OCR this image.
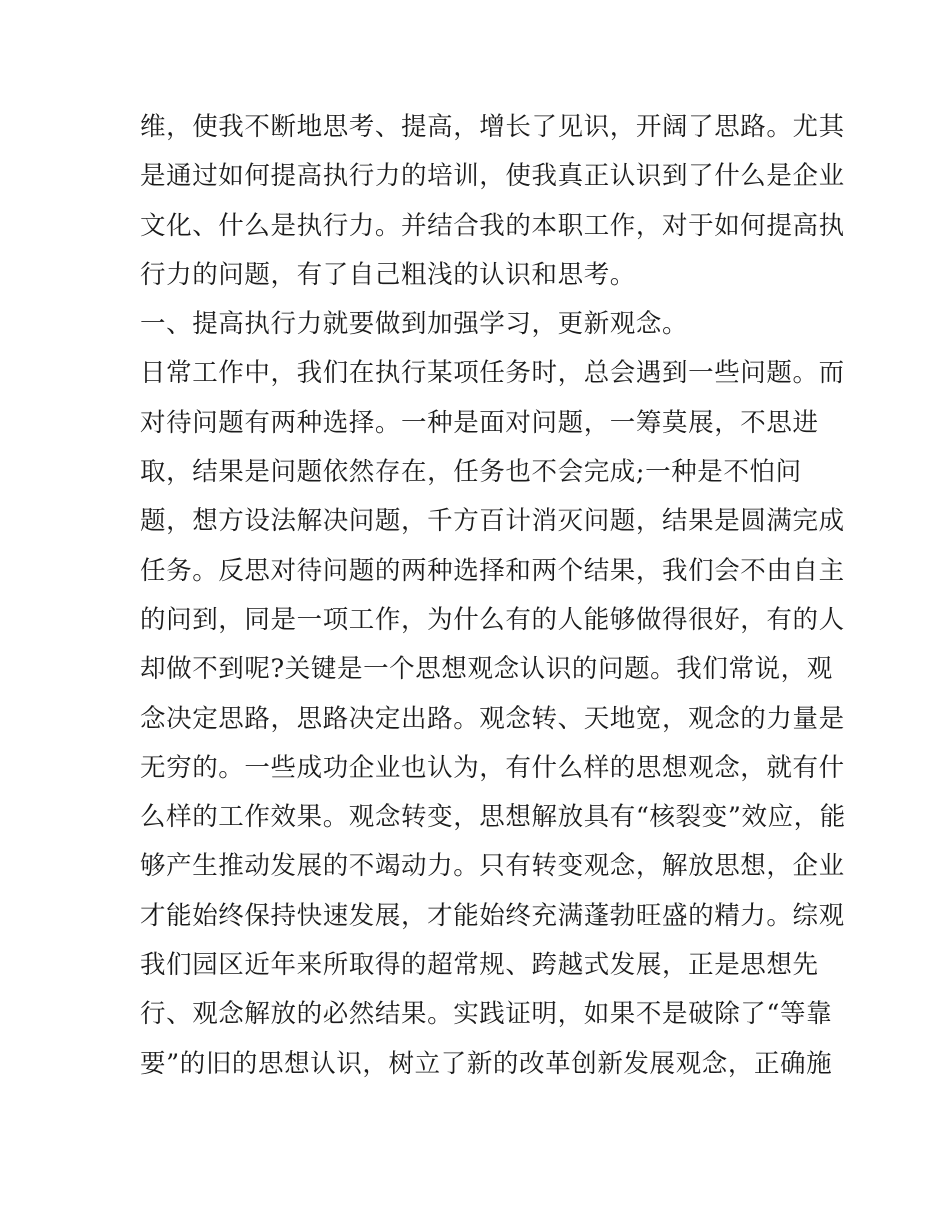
维，使我不断地思考、提高，增长了见识，开阔了思路。尤其
是通过如何提高执行力的培训，使我真正认识到了什么是企业
文化、什么是执行力。并结合我的本职工作，对于如何提高执
行力的问题，有了自己粗浅的认识和思考。
一、提高执行力就要做到加强学习，更新观念。
日常工作中，我们在执行某项任务时，总会遇到一些问题。而
对待问题有两种选择。一种是面对问题，一筹莫展，不思进
取，结果是问题依然存在，任务也不会完成;一种是不怕问
题，想方设法解决问题，千方百计消灭问题，结果是圆满完成
任务。反思对待问题的两种选择和两个结果，我们会不由自主
的问到，同是一项工作，为什么有的人能够做得很好，有的人
却做不到呢?关键是一个思想观念认识的问题。我们常说，观
念决定思路，思路决定出路。观念转、天地宽，观念的力量是
无穷的。一些成功企业也认为，有什么样的思想观念，就有什
么样的工作效果。观念转变，思想解放具有“核裂变”效应，能
够产生推动发展的不竭动力。只有转变观念，解放思想，企业
才能始终保持快速发展，才能始终充满蓬勃旺盛的精力。综观
我们园区近年来所取得的超常规、跨越式发展，正是思想先
行、观念解放的必然结果。实践证明，如果不是破除了“等靠
要”的旧的思想认识，树立了新的改革创新发展观念，正确施
